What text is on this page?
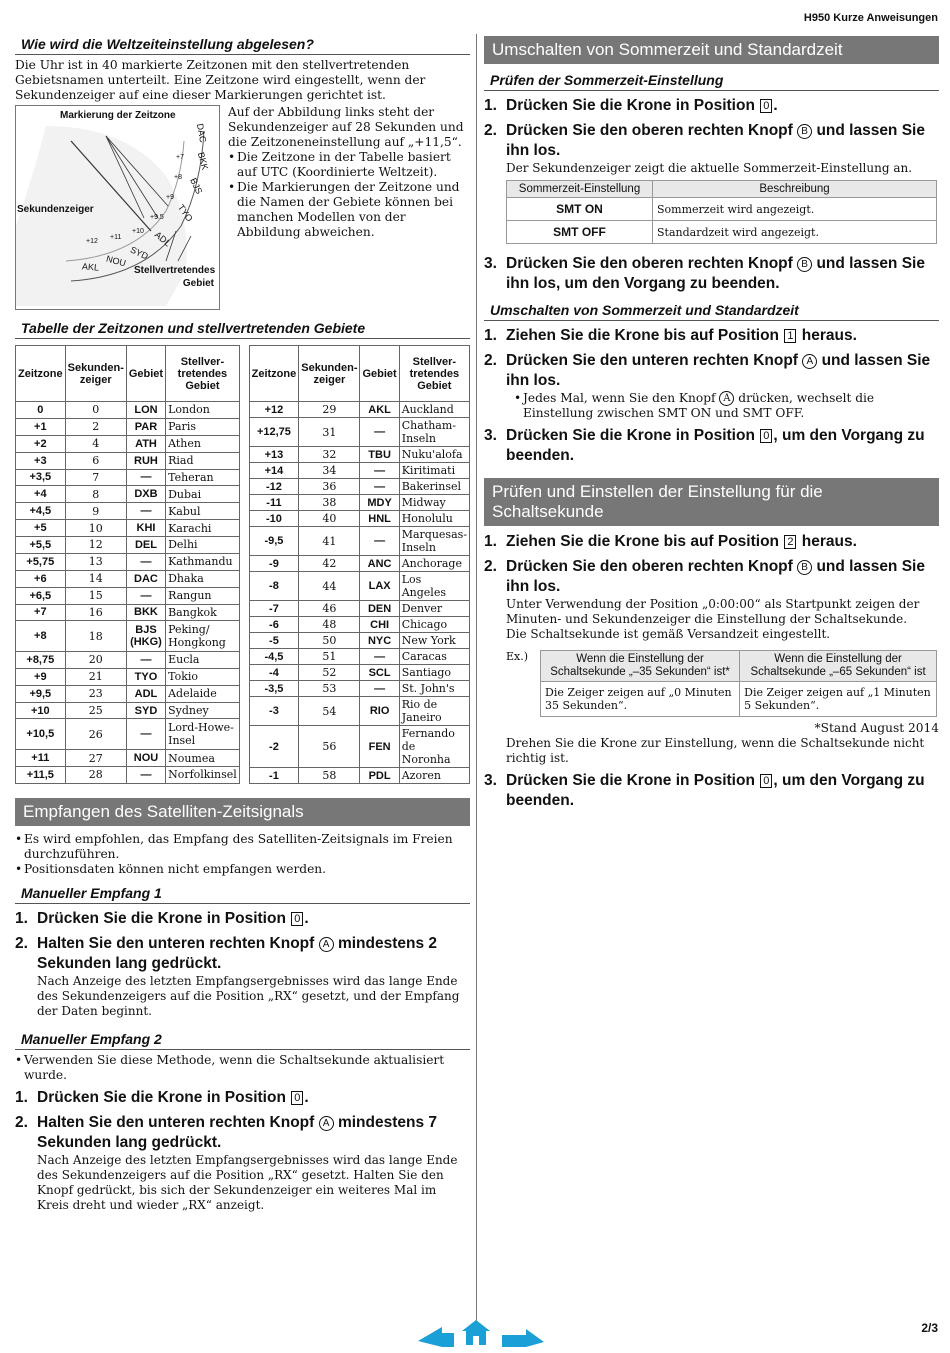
H950 Kurze Anweisungen
Wie wird die Weltzeiteinstellung abgelesen?

Die Uhr ist in 40 markierte Zeitzonen mit den stellvertretenden Gebietsnamen unterteilt. Eine Zeitzone wird eingestellt, wenn der Sekundenzeiger auf eine dieser Markierungen gerichtet ist.

Markierung der Zeitzone
Sekundenzeiger
Stellvertretendes Gebiet
DAC
BKK
BJS
TYO
ADL
SYD
NOU
AKL
+7
+8
+9
+9.5
+10
+11
+12

Auf der Abbildung links steht der Sekundenzeiger auf 28 Sekunden und die Zeitzoneneinstellung auf „+11,5“.

• Die Zeitzone in der Tabelle basiert auf UTC (Koordinierte Weltzeit).
• Die Markierungen der Zeitzone und die Namen der Gebiete können bei manchen Modellen von der Abbildung abweichen.
Tabelle der Zeitzonen und stellvertretenden Gebiete
Zeitzone	Sekunden-zeiger	Gebiet	Stellver-tretendes Gebiet
0	0	LON	London
+1	2	PAR	Paris
+2	4	ATH	Athen
+3	6	RUH	Riad
+3,5	7	—	Teheran
+4	8	DXB	Dubai
+4,5	9	—	Kabul
+5	10	KHI	Karachi
+5,5	12	DEL	Delhi
+5,75	13	—	Kathmandu
+6	14	DAC	Dhaka
+6,5	15	—	Rangun
+7	16	BKK	Bangkok
+8	18	BJS (HKG)	Peking/ Hongkong
+8,75	20	—	Eucla
+9	21	TYO	Tokio
+9,5	23	ADL	Adelaide
+10	25	SYD	Sydney
+10,5	26	—	Lord-Howe-Insel
+11	27	NOU	Noumea
+11,5	28	—	Norfolkinsel
Zeitzone	Sekunden-zeiger	Gebiet	Stellver-tretendes Gebiet
+12	29	AKL	Auckland
+12,75	31	—	Chatham-Inseln
+13	32	TBU	Nuku'alofa
+14	34	—	Kiritimati
-12	36	—	Bakerinsel
-11	38	MDY	Midway
-10	40	HNL	Honolulu
-9,5	41	—	Marquesas-Inseln
-9	42	ANC	Anchorage
-8	44	LAX	Los Angeles
-7	46	DEN	Denver
-6	48	CHI	Chicago
-5	50	NYC	New York
-4,5	51	—	Caracas
-4	52	SCL	Santiago
-3,5	53	—	St. John's
-3	54	RIO	Rio de Janeiro
-2	56	FEN	Fernando de Noronha
-1	58	PDL	Azoren
Empfangen des Satelliten-Zeitsignals
• Es wird empfohlen, das Empfang des Satelliten-Zeitsignals im Freien durchzuführen.
• Positionsdaten können nicht empfangen werden.
Manueller Empfang 1
1. Drücken Sie die Krone in Position 0 .
2. Halten Sie den unteren rechten Knopf A mindestens 2 Sekunden lang gedrückt.

Nach Anzeige des letzten Empfangsergebnisses wird das lange Ende des Sekundenzeigers auf die Position „RX“ gesetzt, und der Empfang der Daten beginnt.

Manueller Empfang 2
• Verwenden Sie diese Methode, wenn die Schaltsekunde aktualisiert wurde.
1. Drücken Sie die Krone in Position 0 .
2. Halten Sie den unteren rechten Knopf A mindestens 7 Sekunden lang gedrückt.

Nach Anzeige des letzten Empfangsergebnisses wird das lange Ende des Sekundenzeigers auf die Position „RX“ gesetzt. Halten Sie den Knopf gedrückt, bis sich der Sekundenzeiger ein weiteres Mal im Kreis dreht und wieder „RX“ anzeigt.

Umschalten von Sommerzeit und Standardzeit
Prüfen der Sommerzeit-Einstellung
1. Drücken Sie die Krone in Position 0 .
2. Drücken Sie den oberen rechten Knopf B und lassen Sie ihn los.

Der Sekundenzeiger zeigt die aktuelle Sommerzeit-Einstellung an.

Sommerzeit-Einstellung	Beschreibung
SMT ON	Sommerzeit wird angezeigt.
SMT OFF	Standardzeit wird angezeigt.
3. Drücken Sie den oberen rechten Knopf B und lassen Sie ihn los, um den Vorgang zu beenden.
Umschalten von Sommerzeit und Standardzeit
1. Ziehen Sie die Krone bis auf Position 1 heraus.
2. Drücken Sie den unteren rechten Knopf A und lassen Sie ihn los.
• Jedes Mal, wenn Sie den Knopf A drücken, wechselt die Einstellung zwischen SMT ON und SMT OFF.
3. Drücken Sie die Krone in Position 0 , um den Vorgang zu beenden.
Prüfen und Einstellen der Einstellung für die Schaltsekunde
1. Ziehen Sie die Krone bis auf Position 2 heraus.
2. Drücken Sie den oberen rechten Knopf B und lassen Sie ihn los.

Unter Verwendung der Position „0:00:00“ als Startpunkt zeigen der Minuten- und Sekundenzeiger die Einstellung der Schaltsekunde.

Die Schaltsekunde ist gemäß Versandzeit eingestellt.

Ex.)	Wenn die Einstellung der Schaltsekunde „–35 Sekunden“ ist*	Wenn die Einstellung der Schaltsekunde „–65 Sekunden“ ist
Die Zeiger zeigen auf „0 Minuten 35 Sekunden“.	Die Zeiger zeigen auf „1 Minuten 5 Sekunden“.

*Stand August 2014

Drehen Sie die Krone zur Einstellung, wenn die Schaltsekunde nicht richtig ist.

3. Drücken Sie die Krone in Position 0 , um den Vorgang zu beenden.
2/3
